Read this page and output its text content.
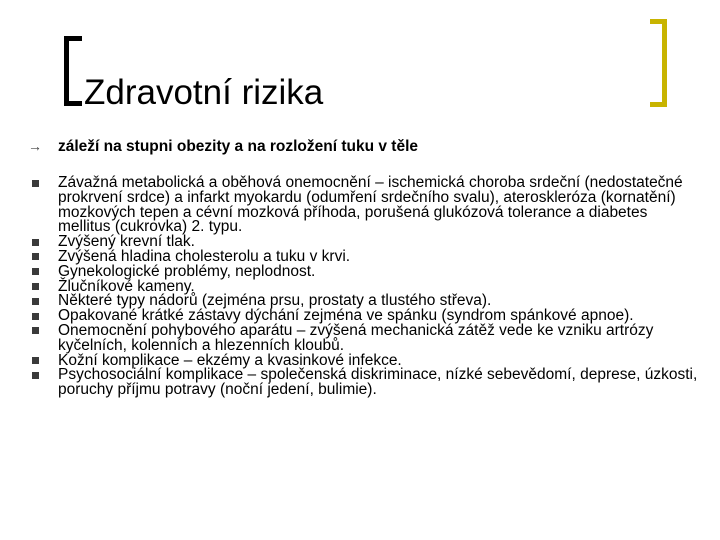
Zdravotní rizika
→ záleží na stupni obezity a na rozložení tuku v těle
Závažná metabolická a oběhová onemocnění – ischemická choroba srdeční (nedostatečné prokrvení srdce) a infarkt myokardu (odumření srdečního svalu), ateroskleróza (kornatění) mozkových tepen a cévní mozková příhoda, porušená glukózová tolerance a diabetes mellitus (cukrovka) 2. typu.
Zvýšený krevní tlak.
Zvýšená hladina cholesterolu a tuku v krvi.
Gynekologické problémy, neplodnost.
Žlučníkové kameny.
Některé typy nádorů (zejména prsu, prostaty a tlustého střeva).
Opakované krátké zástavy dýchání zejména ve spánku (syndrom spánkové apnoe).
Onemocnění pohybového aparátu – zvýšená mechanická zátěž vede ke vzniku artrózy kyčelních, kolenních a hlezenních kloubů.
Kožní komplikace – ekzémy a kvasinkové infekce.
Psychosociální komplikace – společenská diskriminace, nízké sebevědomí, deprese, úzkosti, poruchy příjmu potravy (noční jedení, bulimie).
